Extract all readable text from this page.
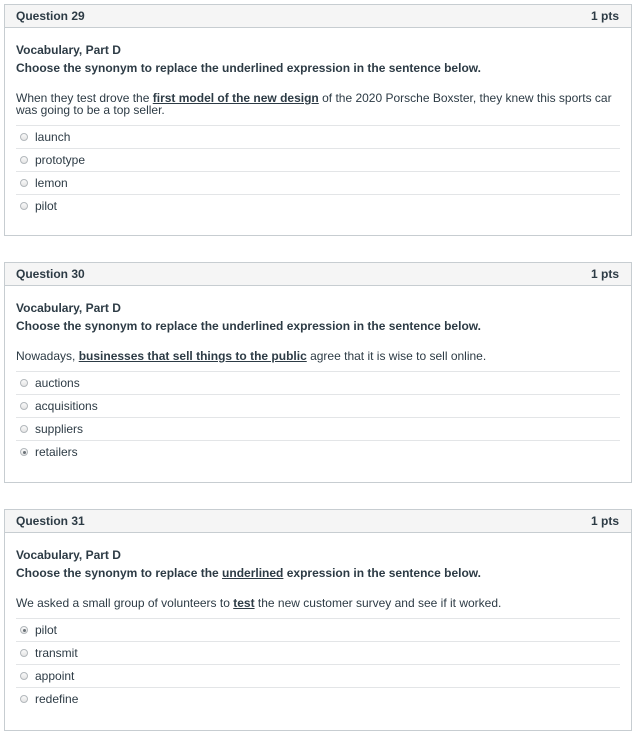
Question 29	1 pts
Vocabulary, Part D
Choose the synonym to replace the underlined expression in the sentence below.
When they test drove the first model of the new design of the 2020 Porsche Boxster, they knew this sports car was going to be a top seller.
launch
prototype
lemon
pilot
Question 30	1 pts
Vocabulary, Part D
Choose the synonym to replace the underlined expression in the sentence below.
Nowadays, businesses that sell things to the public agree that it is wise to sell online.
auctions
acquisitions
suppliers
retailers
Question 31	1 pts
Vocabulary, Part D
Choose the synonym to replace the underlined expression in the sentence below.
We asked a small group of volunteers to test the new customer survey and see if it worked.
pilot
transmit
appoint
redefine
